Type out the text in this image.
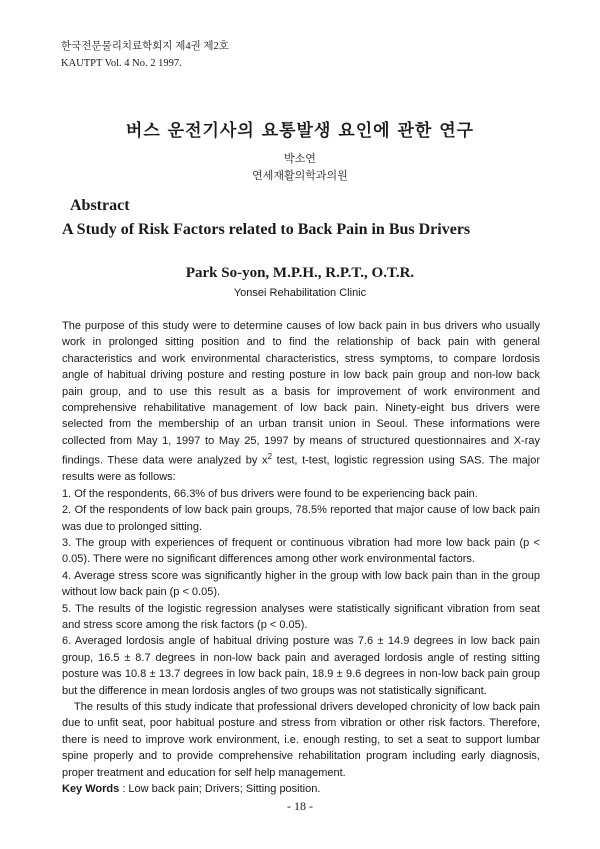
한국전문물리치료학회지 제4권 제2호
KAUTPT Vol. 4 No. 2 1997.
버스 운전기사의 요통발생 요인에 관한 연구
박소연
연세재활의학과의원
Abstract
A Study of Risk Factors related to Back Pain in Bus Drivers
Park So-yon, M.P.H., R.P.T., O.T.R.
Yonsei Rehabilitation Clinic

The purpose of this study were to determine causes of low back pain in bus drivers who usually work in prolonged sitting position and to find the relationship of back pain with general characteristics and work environmental characteristics, stress symptoms, to compare lordosis angle of habitual driving posture and resting posture in low back pain group and non-low back pain group, and to use this result as a basis for improvement of work environment and comprehensive rehabilitative management of low back pain. Ninety-eight bus drivers were selected from the membership of an urban transit union in Seoul. These informations were collected from May 1, 1997 to May 25, 1997 by means of structured questionnaires and X-ray findings. These data were analyzed by $x^2$ test, t-test, logistic regression using SAS. The major results were as follows:

1. Of the respondents, 66.3% of bus drivers were found to be experiencing back pain.

2. Of the respondents of low back pain groups, 78.5% reported that major cause of low back pain was due to prolonged sitting.

3. The group with experiences of frequent or continuous vibration had more low back pain (p < 0.05). There were no significant differences among other work environmental factors.

4. Average stress score was significantly higher in the group with low back pain than in the group without low back pain (p < 0.05).

5. The results of the logistic regression analyses were statistically significant vibration from seat and stress score among the risk factors (p < 0.05).

6. Averaged lordosis angle of habitual driving posture was 7.6 ± 14.9 degrees in low back pain group, 16.5 ± 8.7 degrees in non-low back pain and averaged lordosis angle of resting sitting posture was 10.8 ± 13.7 degrees in low back pain, 18.9 ± 9.6 degrees in non-low back pain group but the difference in mean lordosis angles of two groups was not statistically significant.

The results of this study indicate that professional drivers developed chronicity of low back pain due to unfit seat, poor habitual posture and stress from vibration or other risk factors. Therefore, there is need to improve work environment, i.e. enough resting, to set a seat to support lumbar spine properly and to provide comprehensive rehabilitation program including early diagnosis, proper treatment and education for self help management.

Key Words : Low back pain; Drivers; Sitting position.

- 18 -
